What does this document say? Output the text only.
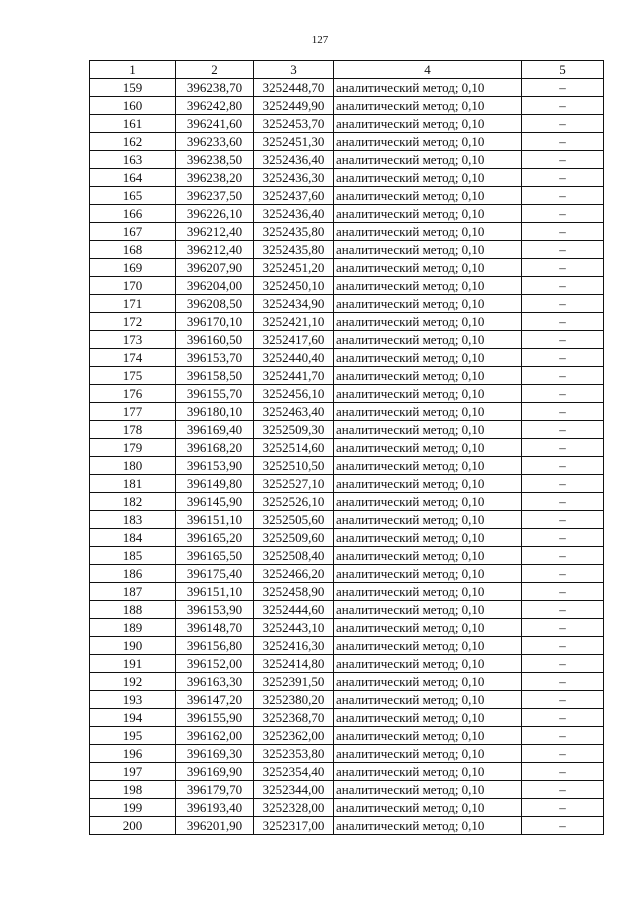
127
1	2	3	4	5
159	396238,70	3252448,70	аналитический метод; 0,10	–
160	396242,80	3252449,90	аналитический метод; 0,10	–
161	396241,60	3252453,70	аналитический метод; 0,10	–
162	396233,60	3252451,30	аналитический метод; 0,10	–
163	396238,50	3252436,40	аналитический метод; 0,10	–
164	396238,20	3252436,30	аналитический метод; 0,10	–
165	396237,50	3252437,60	аналитический метод; 0,10	–
166	396226,10	3252436,40	аналитический метод; 0,10	–
167	396212,40	3252435,80	аналитический метод; 0,10	–
168	396212,40	3252435,80	аналитический метод; 0,10	–
169	396207,90	3252451,20	аналитический метод; 0,10	–
170	396204,00	3252450,10	аналитический метод; 0,10	–
171	396208,50	3252434,90	аналитический метод; 0,10	–
172	396170,10	3252421,10	аналитический метод; 0,10	–
173	396160,50	3252417,60	аналитический метод; 0,10	–
174	396153,70	3252440,40	аналитический метод; 0,10	–
175	396158,50	3252441,70	аналитический метод; 0,10	–
176	396155,70	3252456,10	аналитический метод; 0,10	–
177	396180,10	3252463,40	аналитический метод; 0,10	–
178	396169,40	3252509,30	аналитический метод; 0,10	–
179	396168,20	3252514,60	аналитический метод; 0,10	–
180	396153,90	3252510,50	аналитический метод; 0,10	–
181	396149,80	3252527,10	аналитический метод; 0,10	–
182	396145,90	3252526,10	аналитический метод; 0,10	–
183	396151,10	3252505,60	аналитический метод; 0,10	–
184	396165,20	3252509,60	аналитический метод; 0,10	–
185	396165,50	3252508,40	аналитический метод; 0,10	–
186	396175,40	3252466,20	аналитический метод; 0,10	–
187	396151,10	3252458,90	аналитический метод; 0,10	–
188	396153,90	3252444,60	аналитический метод; 0,10	–
189	396148,70	3252443,10	аналитический метод; 0,10	–
190	396156,80	3252416,30	аналитический метод; 0,10	–
191	396152,00	3252414,80	аналитический метод; 0,10	–
192	396163,30	3252391,50	аналитический метод; 0,10	–
193	396147,20	3252380,20	аналитический метод; 0,10	–
194	396155,90	3252368,70	аналитический метод; 0,10	–
195	396162,00	3252362,00	аналитический метод; 0,10	–
196	396169,30	3252353,80	аналитический метод; 0,10	–
197	396169,90	3252354,40	аналитический метод; 0,10	–
198	396179,70	3252344,00	аналитический метод; 0,10	–
199	396193,40	3252328,00	аналитический метод; 0,10	–
200	396201,90	3252317,00	аналитический метод; 0,10	–
